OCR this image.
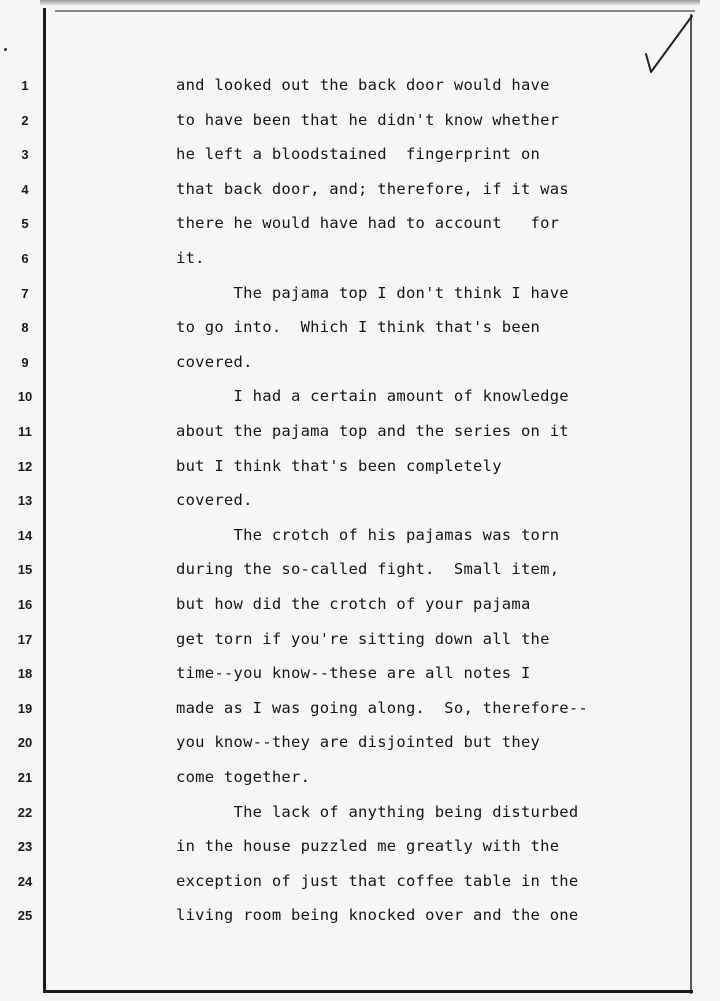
1	and looked out the back door would have
2	to have been that he didn't know whether
3	he left a bloodstained  fingerprint on
4	that back door, and; therefore, if it was
5	there he would have had to account   for
6	it.
7	The pajama top I don't think I have
8	to go into.  Which I think that's been
9	covered.
10	I had a certain amount of knowledge
11	about the pajama top and the series on it
12	but I think that's been completely
13	covered.
14	The crotch of his pajamas was torn
15	during the so-called fight.  Small item,
16	but how did the crotch of your pajama
17	get torn if you're sitting down all the
18	time--you know--these are all notes I
19	made as I was going along.  So, therefore--
20	you know--they are disjointed but they
21	come together.
22	The lack of anything being disturbed
23	in the house puzzled me greatly with the
24	exception of just that coffee table in the
25	living room being knocked over and the one
